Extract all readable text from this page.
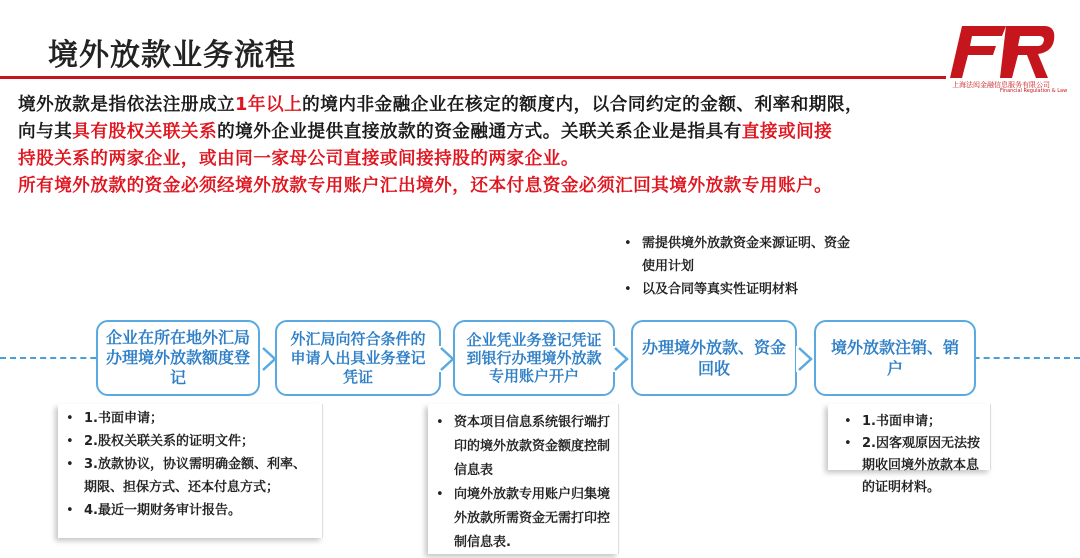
境外放款业务流程
上海法闳金融信息服务有限公司
Financial Regulation & Law

境外放款是指依法注册成立1年以上的境内非金融企业在核定的额度内，以合同约定的金额、利率和期限，

向与其具有股权关联关系的境外企业提供直接放款的资金融通方式。关联关系企业是指具有直接或间接

持股关系的两家企业，或由同一家母公司直接或间接持股的两家企业。

所有境外放款的资金必须经境外放款专用账户汇出境外，还本付息资金必须汇回其境外放款专用账户。

• 需提供境外放款资金来源证明、资金使用计划
• 以及合同等真实性证明材料
企业在所在地外汇局办理境外放款额度登记
外汇局向符合条件的申请人出具业务登记凭证
企业凭业务登记凭证到银行办理境外放款专用账户开户
办理境外放款、资金回收
境外放款注销、销户
• 1.书面申请；
• 2.股权关联关系的证明文件；
• 3.放款协议，协议需明确金额、利率、期限、担保方式、还本付息方式；
• 4.最近一期财务审计报告。
• 资本项目信息系统银行端打印的境外放款资金额度控制信息表
• 向境外放款专用账户归集境外放款所需资金无需打印控制信息表.
• 1.书面申请；
• 2.因客观原因无法按期收回境外放款本息的证明材料。
